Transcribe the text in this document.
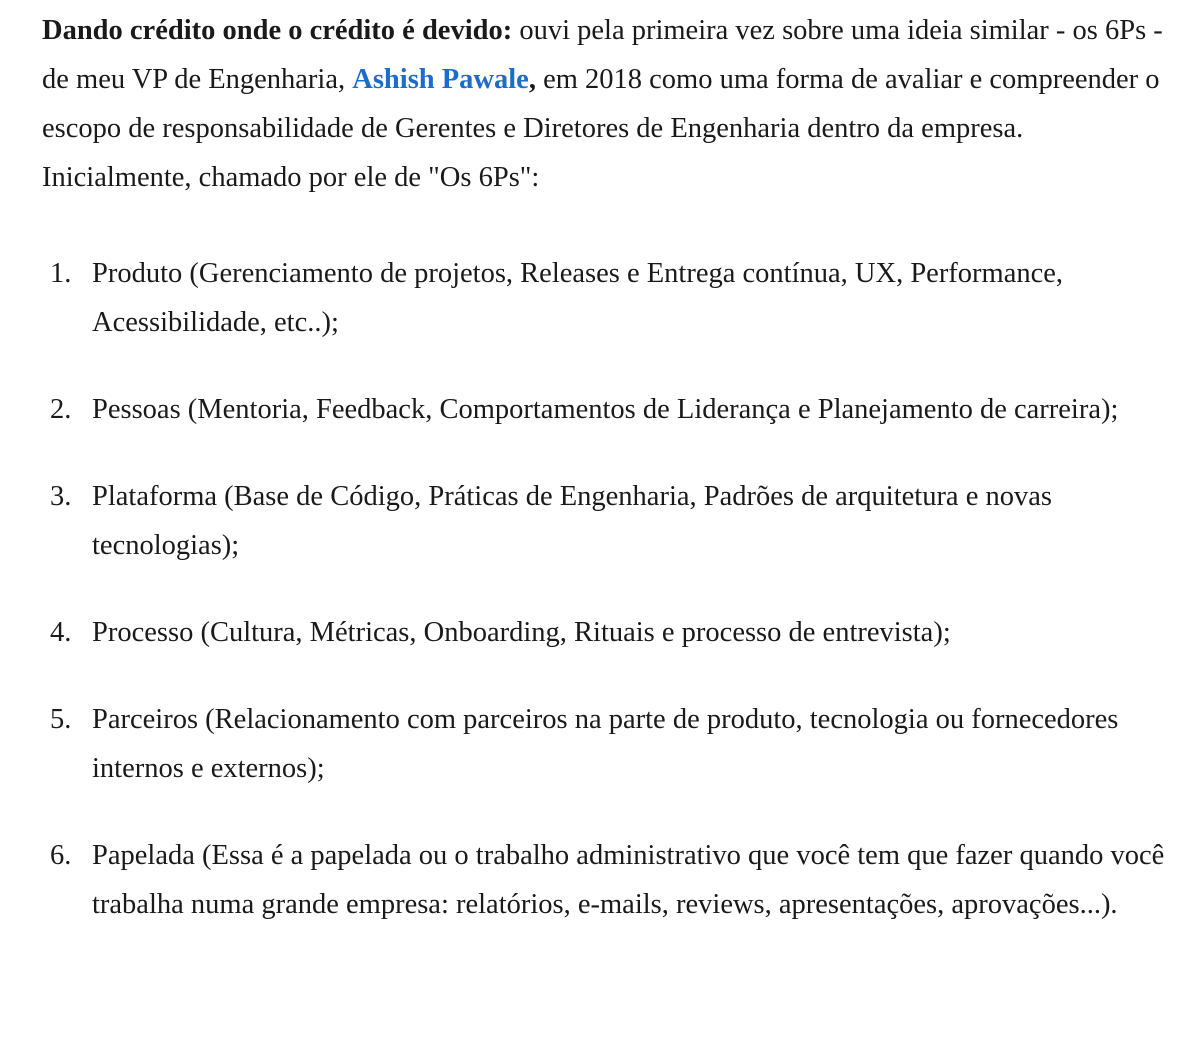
Dando crédito onde o crédito é devido: ouvi pela primeira vez sobre uma ideia similar - os 6Ps - de meu VP de Engenharia, Ashish Pawale, em 2018 como uma forma de avaliar e compreender o escopo de responsabilidade de Gerentes e Diretores de Engenharia dentro da empresa. Inicialmente, chamado por ele de "Os 6Ps":

1. Produto (Gerenciamento de projetos, Releases e Entrega contínua, UX, Performance, Acessibilidade, etc..);
2. Pessoas (Mentoria, Feedback, Comportamentos de Liderança e Planejamento de carreira);
3. Plataforma (Base de Código, Práticas de Engenharia, Padrões de arquitetura e novas tecnologias);
4. Processo (Cultura, Métricas, Onboarding, Rituais e processo de entrevista);
5. Parceiros (Relacionamento com parceiros na parte de produto, tecnologia ou fornecedores internos e externos);
6. Papelada (Essa é a papelada ou o trabalho administrativo que você tem que fazer quando você trabalha numa grande empresa: relatórios, e-mails, reviews, apresentações, aprovações...).
